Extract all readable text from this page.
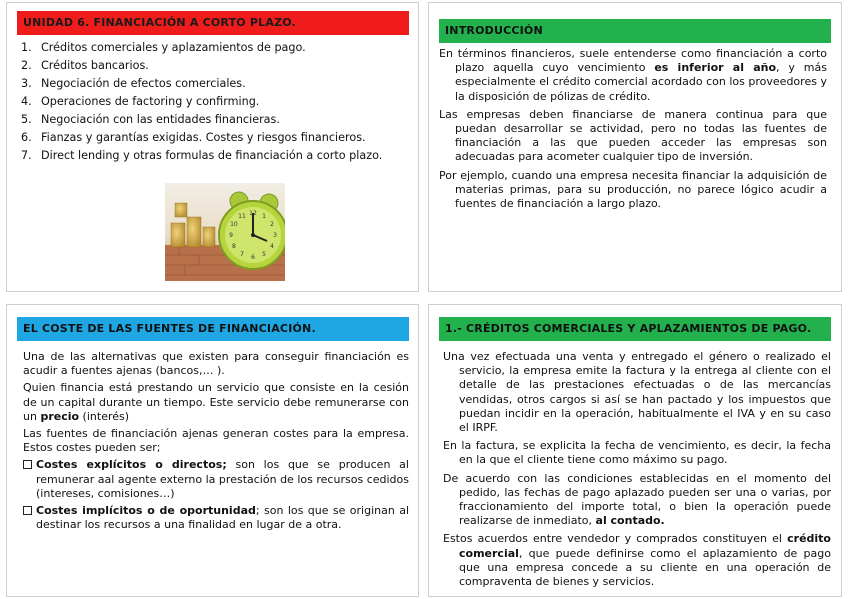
UNIDAD 6. FINANCIACIÓN A CORTO PLAZO.
1. Créditos comerciales y aplazamientos de pago.
2. Créditos bancarios.
3. Negociación de efectos comerciales.
4. Operaciones de factoring y confirming.
5. Negociación con las entidades financieras.
6. Fianzas y garantías exigidas. Costes y riesgos financieros.
7. Direct lending y otras formulas de financiación a corto plazo.
12 1
2
3
4
5
6
7
8
9
10
11
INTRODUCCIÓN

En términos financieros, suele entenderse como financiación a corto plazo aquella cuyo vencimiento es inferior al año, y más especialmente el crédito comercial acordado con los proveedores y la disposición de pólizas de crédito.

Las empresas deben financiarse de manera continua para que puedan desarrollar se actividad, pero no todas las fuentes de financiación a las que pueden acceder las empresas son adecuadas para acometer cualquier tipo de inversión.

Por ejemplo, cuando una empresa necesita financiar la adquisición de materias primas, para su producción, no parece lógico acudir a fuentes de financiación a largo plazo.

EL COSTE DE LAS FUENTES DE FINANCIACIÓN.

Una de las alternativas que existen para conseguir financiación es acudir a fuentes ajenas (bancos,… ).

Quien financia está prestando un servicio que consiste en la cesión de un capital durante un tiempo. Este servicio debe remunerarse con un precio (interés)

Las fuentes de financiación ajenas generan costes para la empresa. Estos costes pueden ser;

Costes explícitos o directos; son los que se producen al remunerar aal agente externo la prestación de los recursos cedidos (intereses, comisiones…)
Costes implícitos o de oportunidad; son los que se originan al destinar los recursos a una finalidad en lugar de a otra.
1.- CRÉDITOS COMERCIALES Y APLAZAMIENTOS DE PAGO.

Una vez efectuada una venta y entregado el género o realizado el servicio, la empresa emite la factura y la entrega al cliente con el detalle de las prestaciones efectuadas o de las mercancías vendidas, otros cargos si así se han pactado y los impuestos que puedan incidir en la operación, habitualmente el IVA y en su caso el IRPF.

En la factura, se explicita la fecha de vencimiento, es decir, la fecha en la que el cliente tiene como máximo su pago.

De acuerdo con las condiciones establecidas en el momento del pedido, las fechas de pago aplazado pueden ser una o varias, por fraccionamiento del importe total, o bien la operación puede realizarse de inmediato, al contado.

Estos acuerdos entre vendedor y comprados constituyen el crédito comercial, que puede definirse como el aplazamiento de pago que una empresa concede a su cliente en una operación de compraventa de bienes y servicios.
